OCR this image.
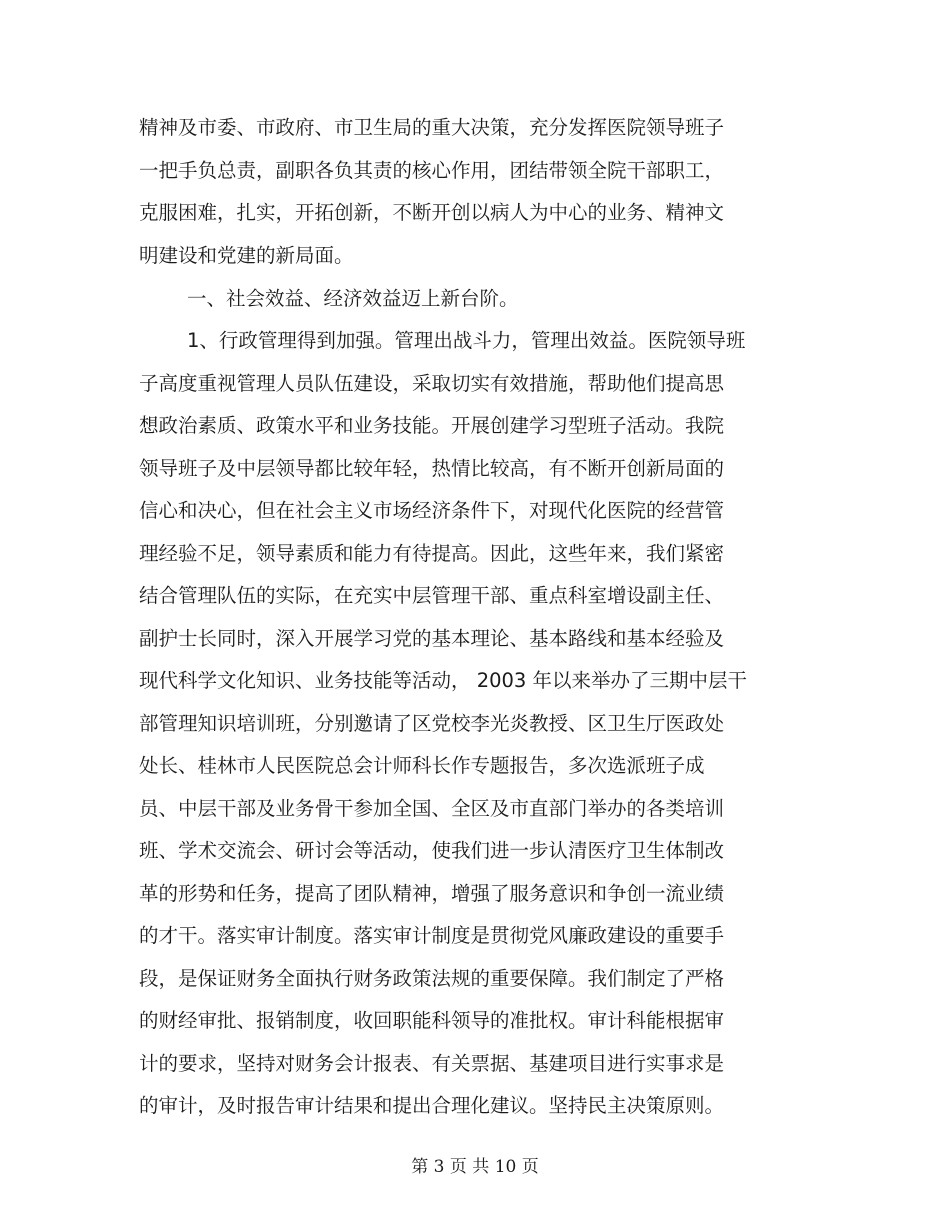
精神及市委、市政府、市卫生局的重大决策，充分发挥医院领导班子
一把手负总责，副职各负其责的核心作用，团结带领全院干部职工，
克服困难，扎实，开拓创新，不断开创以病人为中心的业务、精神文
明建设和党建的新局面。
一、社会效益、经济效益迈上新台阶。
1、行政管理得到加强。管理出战斗力，管理出效益。医院领导班
子高度重视管理人员队伍建设，采取切实有效措施，帮助他们提高思
想政治素质、政策水平和业务技能。开展创建学习型班子活动。我院
领导班子及中层领导都比较年轻，热情比较高，有不断开创新局面的
信心和决心，但在社会主义市场经济条件下，对现代化医院的经营管
理经验不足，领导素质和能力有待提高。因此，这些年来，我们紧密
结合管理队伍的实际，在充实中层管理干部、重点科室增设副主任、
副护士长同时，深入开展学习党的基本理论、基本路线和基本经验及
现代科学文化知识、业务技能等活动， 2003 年以来举办了三期中层干
部管理知识培训班，分别邀请了区党校李光炎教授、区卫生厅医政处
处长、桂林市人民医院总会计师科长作专题报告，多次选派班子成
员、中层干部及业务骨干参加全国、全区及市直部门举办的各类培训
班、学术交流会、研讨会等活动，使我们进一步认清医疗卫生体制改
革的形势和任务，提高了团队精神，增强了服务意识和争创一流业绩
的才干。落实审计制度。落实审计制度是贯彻党风廉政建设的重要手
段，是保证财务全面执行财务政策法规的重要保障。我们制定了严格
的财经审批、报销制度，收回职能科领导的准批权。审计科能根据审
计的要求，坚持对财务会计报表、有关票据、基建项目进行实事求是
的审计，及时报告审计结果和提出合理化建议。坚持民主决策原则。
第 3 页 共 10 页
